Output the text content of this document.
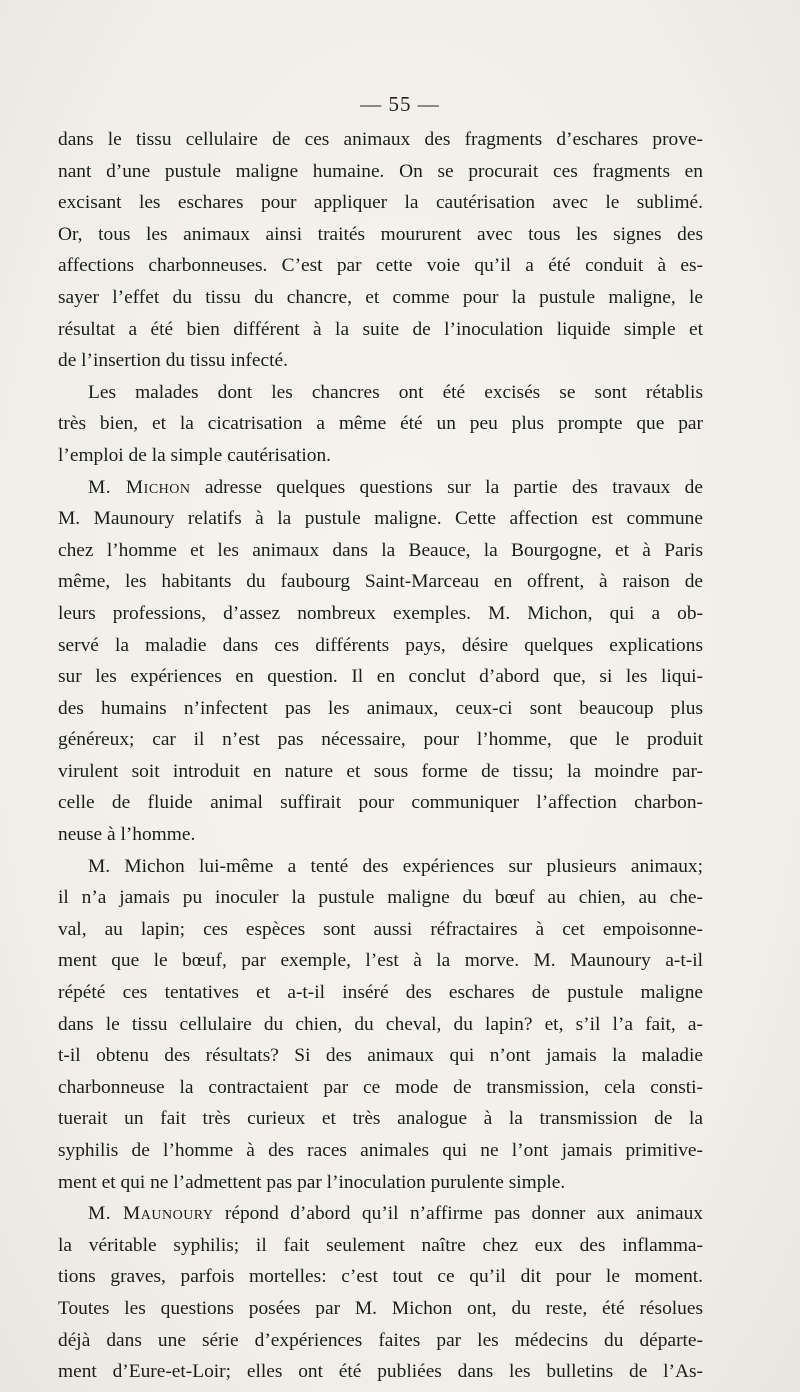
— 55 —
dans le tissu cellulaire de ces animaux des fragments d’eschares prove-
nant d’une pustule maligne humaine. On se procurait ces fragments en
excisant les eschares pour appliquer la cautérisation avec le sublimé.
Or, tous les animaux ainsi traités moururent avec tous les signes des
affections charbonneuses. C’est par cette voie qu’il a été conduit à es-
sayer l’effet du tissu du chancre, et comme pour la pustule maligne, le
résultat a été bien différent à la suite de l’inoculation liquide simple et
de l’insertion du tissu infecté.
Les malades dont les chancres ont été excisés se sont rétablis
très bien, et la cicatrisation a même été un peu plus prompte que par
l’emploi de la simple cautérisation.
M. Michon adresse quelques questions sur la partie des travaux de
M. Maunoury relatifs à la pustule maligne. Cette affection est commune
chez l’homme et les animaux dans la Beauce, la Bourgogne, et à Paris
même, les habitants du faubourg Saint-Marceau en offrent, à raison de
leurs professions, d’assez nombreux exemples. M. Michon, qui a ob-
servé la maladie dans ces différents pays, désire quelques explications
sur les expériences en question. Il en conclut d’abord que, si les liqui-
des humains n’infectent pas les animaux, ceux-ci sont beaucoup plus
généreux; car il n’est pas nécessaire, pour l’homme, que le produit
virulent soit introduit en nature et sous forme de tissu; la moindre par-
celle de fluide animal suffirait pour communiquer l’affection charbon-
neuse à l’homme.
M. Michon lui-même a tenté des expériences sur plusieurs animaux;
il n’a jamais pu inoculer la pustule maligne du bœuf au chien, au che-
val, au lapin; ces espèces sont aussi réfractaires à cet empoisonne-
ment que le bœuf, par exemple, l’est à la morve. M. Maunoury a-t-il
répété ces tentatives et a-t-il inséré des eschares de pustule maligne
dans le tissu cellulaire du chien, du cheval, du lapin? et, s’il l’a fait, a-
t-il obtenu des résultats? Si des animaux qui n’ont jamais la maladie
charbonneuse la contractaient par ce mode de transmission, cela consti-
tuerait un fait très curieux et très analogue à la transmission de la
syphilis de l’homme à des races animales qui ne l’ont jamais primitive-
ment et qui ne l’admettent pas par l’inoculation purulente simple.
M. Maunoury répond d’abord qu’il n’affirme pas donner aux animaux
la véritable syphilis; il fait seulement naître chez eux des inflamma-
tions graves, parfois mortelles: c’est tout ce qu’il dit pour le moment.
Toutes les questions posées par M. Michon ont, du reste, été résolues
déjà dans une série d’expériences faites par les médecins du départe-
ment d’Eure-et-Loir; elles ont été publiées dans les bulletins de l’As-
